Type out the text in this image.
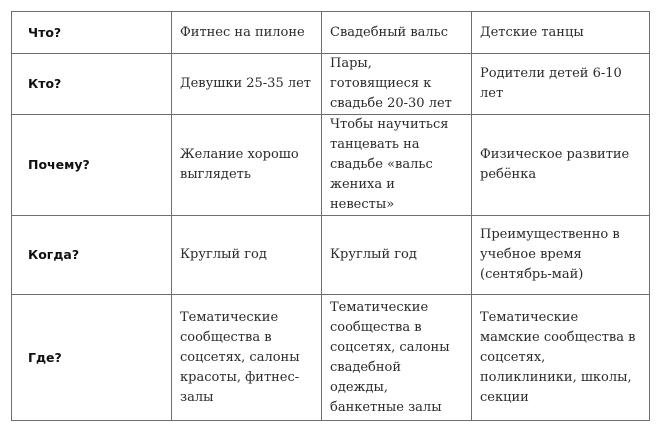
Что?	Фитнес на пилоне	Свадебный вальс	Детские танцы
Кто?	Девушки 25-35 лет	Пары, готовящиеся к свадьбе 20-30 лет	Родители детей 6-10 лет
Почему?	Желание хорошо выглядеть	Чтобы научиться танцевать на свадьбе «вальс жениха и невесты»	Физическое развитие ребёнка
Когда?	Круглый год	Круглый год	Преимущественно в учебное время (сентябрь-май)
Где?	Тематические сообщества в соцсетях, салоны красоты, фитнес-залы	Тематические сообщества в соцсетях, салоны свадебной одежды, банкетные залы	Тематические мамские сообщества в соцсетях, поликлиники, школы, секции
